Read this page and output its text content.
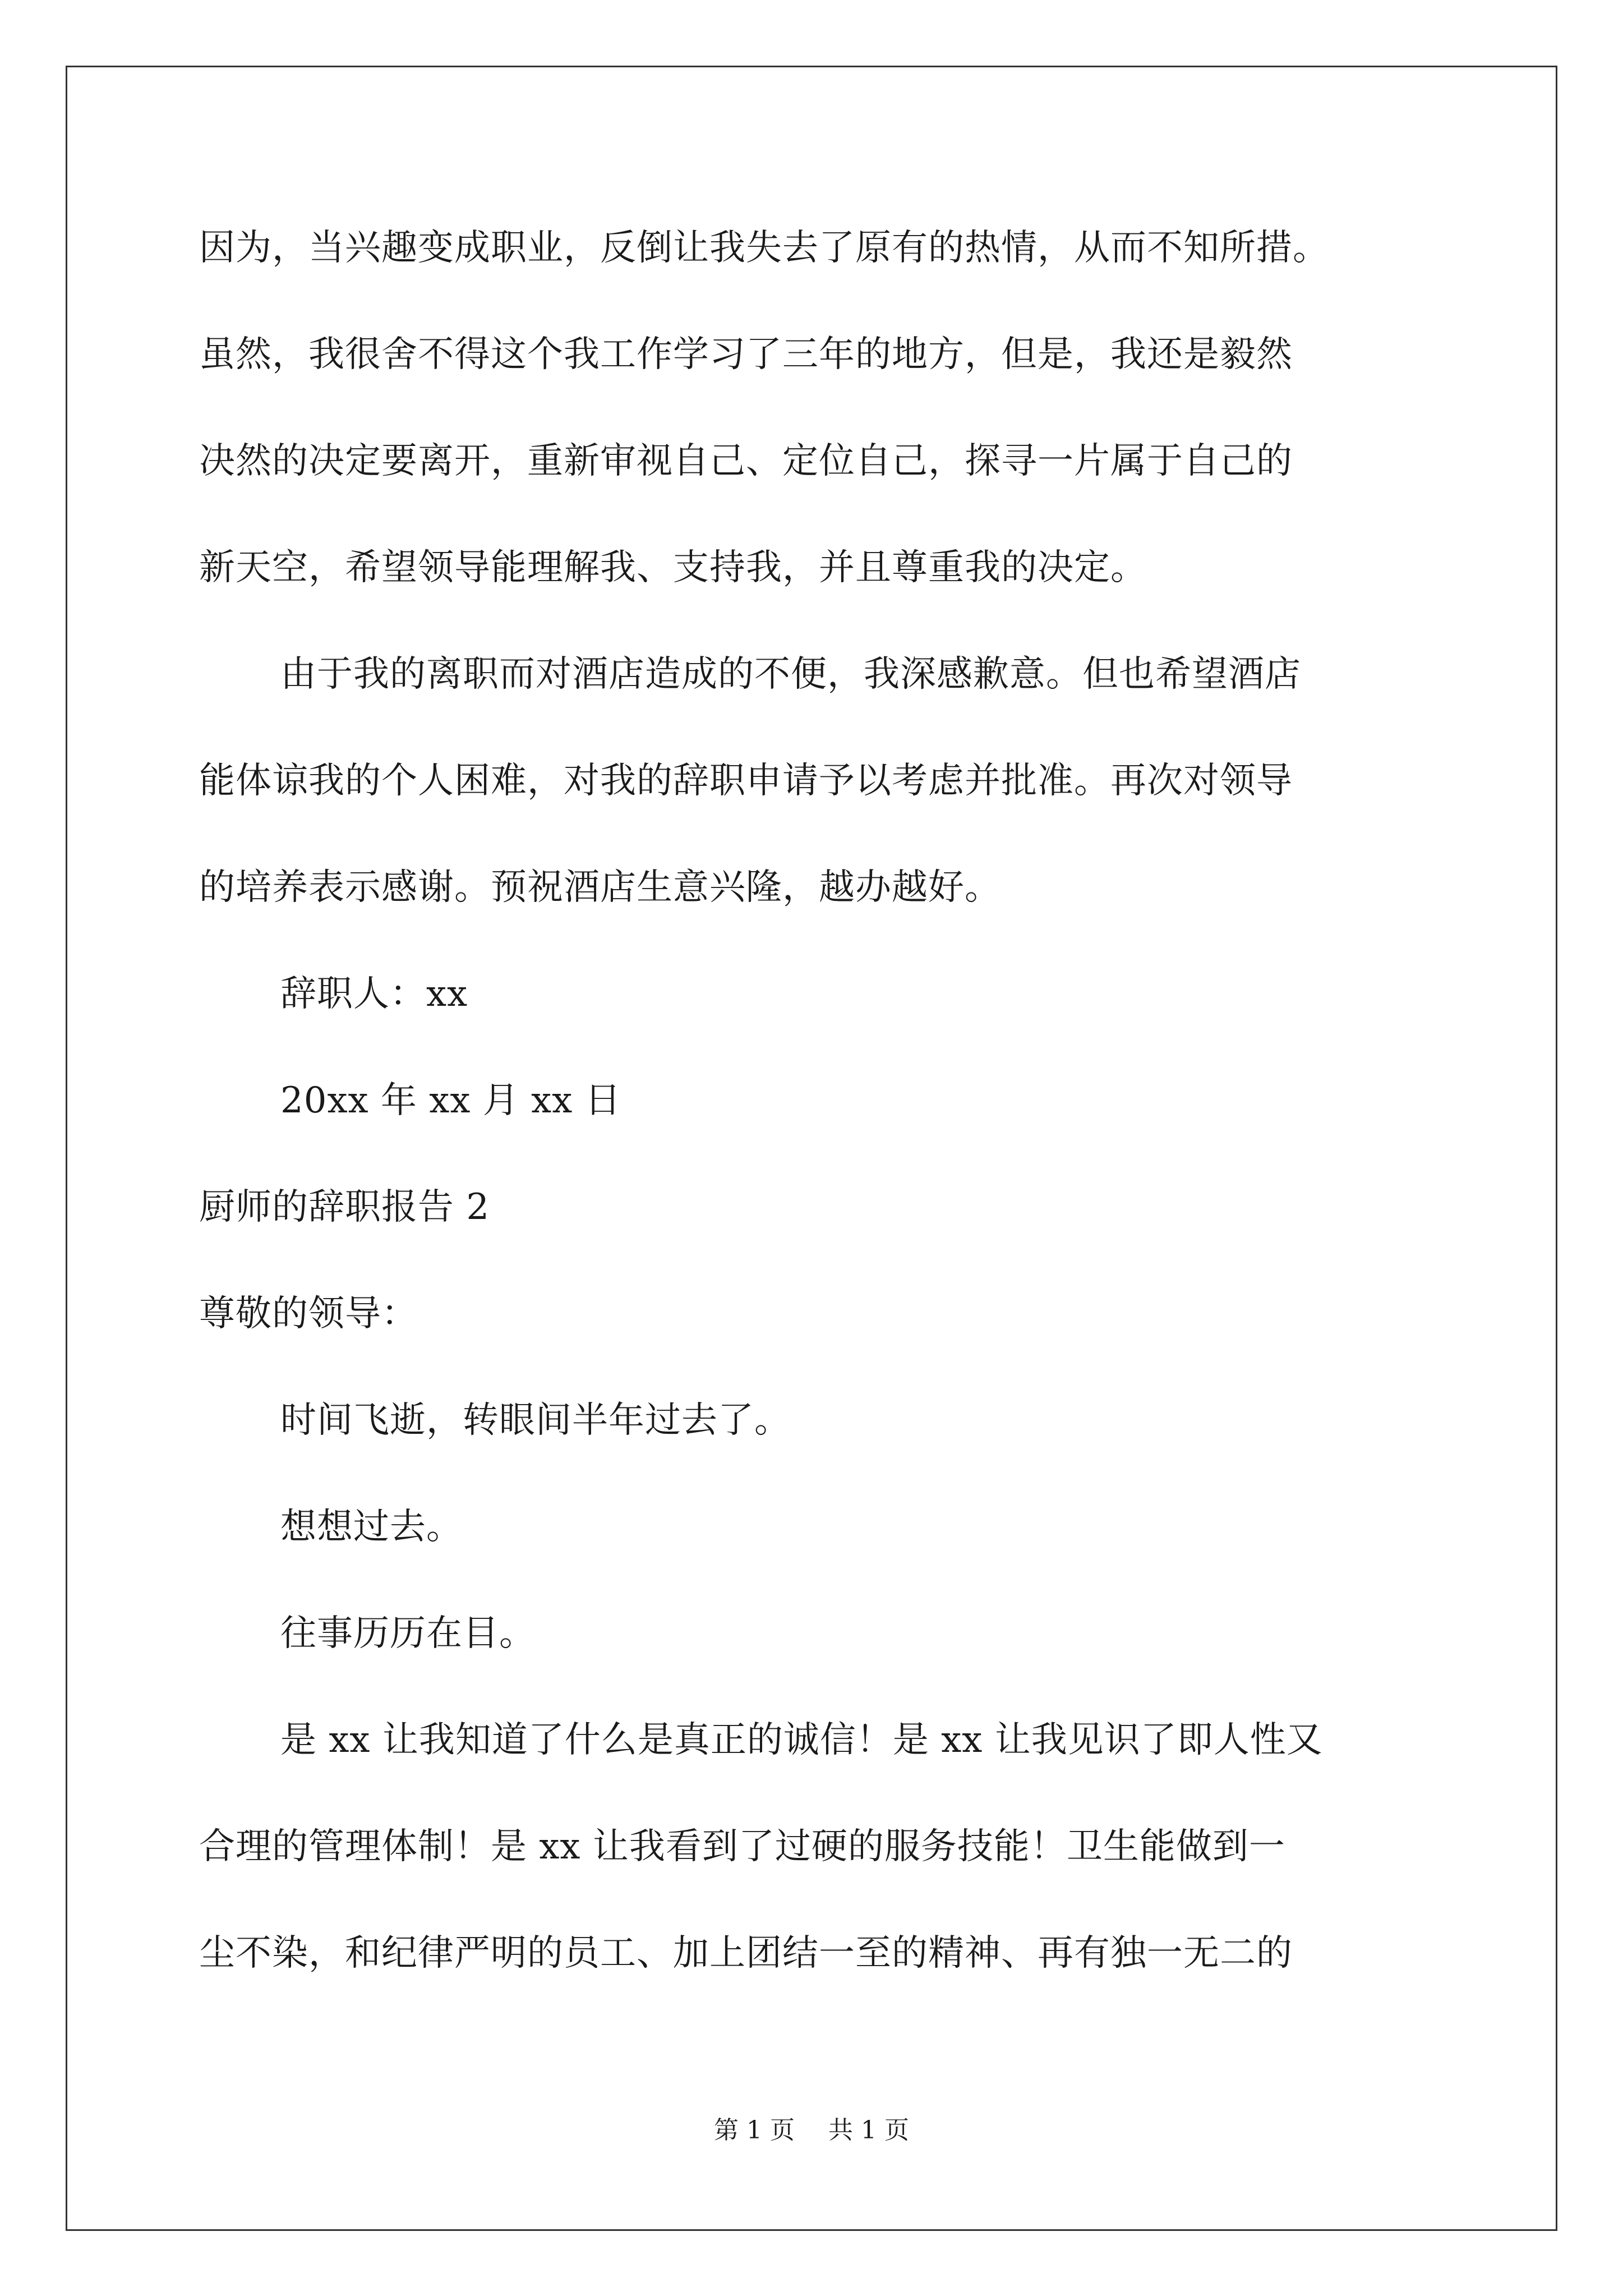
因为，当兴趣变成职业，反倒让我失去了原有的热情，从而不知所措。
虽然，我很舍不得这个我工作学习了三年的地方，但是，我还是毅然
决然的决定要离开，重新审视自己、定位自己，探寻一片属于自己的
新天空，希望领导能理解我、支持我，并且尊重我的决定。
由于我的离职而对酒店造成的不便，我深感歉意。但也希望酒店
能体谅我的个人困难，对我的辞职申请予以考虑并批准。再次对领导
的培养表示感谢。预祝酒店生意兴隆，越办越好。
辞职人：xx
20xx 年 xx 月 xx 日
厨师的辞职报告 2
尊敬的领导：
时间飞逝，转眼间半年过去了。
想想过去。
往事历历在目。
是 xx 让我知道了什么是真正的诚信！是 xx 让我见识了即人性又
合理的管理体制！是 xx 让我看到了过硬的服务技能！卫生能做到一
尘不染，和纪律严明的员工、加上团结一至的精神、再有独一无二的
第 1 页 共 1 页
